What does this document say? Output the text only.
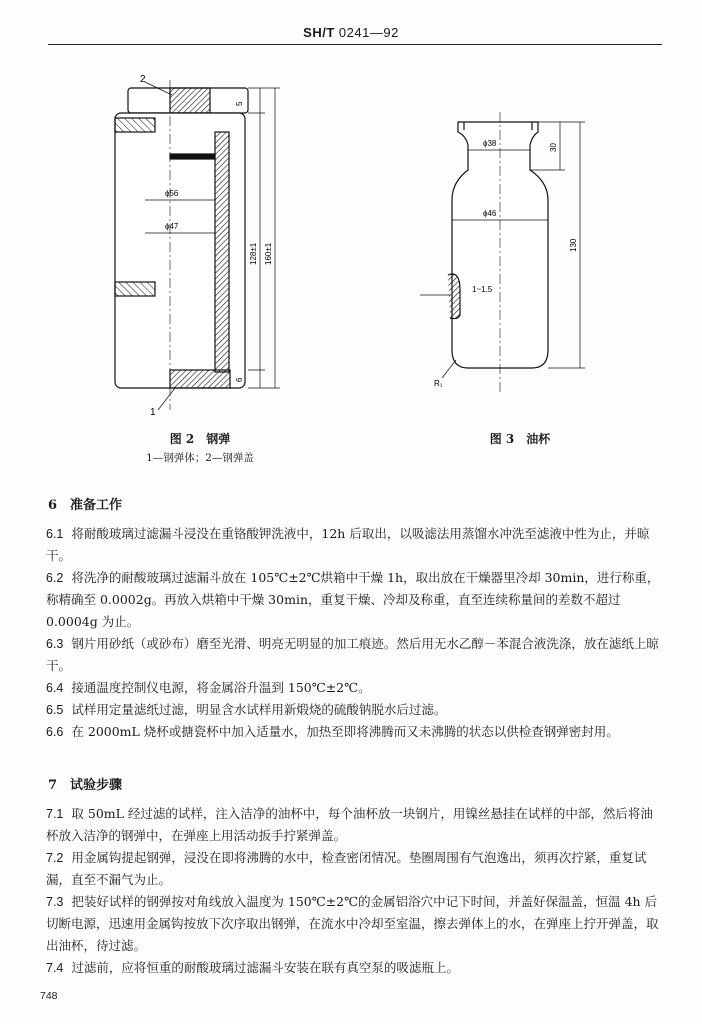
SH/T 0241—92
2
1
5
6
128±1 160±1
ϕ56
ϕ47
图 2　钢弹
1—钢弹体；2—钢弹盖
ϕ38
ϕ46
30
130
1~1.5
R₁
图 3　油杯
6　准备工作
6.1 将耐酸玻璃过滤漏斗浸没在重铬酸钾洗液中，12h 后取出，以吸滤法用蒸馏水冲洗至滤液中性为止，并晾干。
6.2 将洗净的耐酸玻璃过滤漏斗放在 105℃±2℃烘箱中干燥 1h，取出放在干燥器里冷却 30min，进行称重，称精确至 0.0002g。再放入烘箱中干燥 30min，重复干燥、冷却及称重，直至连续称量间的差数不超过 0.0004g 为止。
6.3 钢片用砂纸（或砂布）磨至光滑、明亮无明显的加工痕迹。然后用无水乙醇－苯混合液洗涤，放在滤纸上晾干。
6.4 接通温度控制仪电源，将金属浴升温到 150℃±2℃。
6.5 试样用定量滤纸过滤，明显含水试样用新煅烧的硫酸钠脱水后过滤。
6.6 在 2000mL 烧杯或搪瓷杯中加入适量水，加热至即将沸腾而又未沸腾的状态以供检查钢弹密封用。
7　试验步骤
7.1 取 50mL 经过滤的试样，注入洁净的油杯中，每个油杯放一块钢片，用镍丝悬挂在试样的中部，然后将油杯放入洁净的钢弹中，在弹座上用活动扳手拧紧弹盖。
7.2 用金属钩提起钢弹，浸没在即将沸腾的水中，检查密闭情况。垫圈周围有气泡逸出，须再次拧紧，重复试漏，直至不漏气为止。
7.3 把装好试样的钢弹按对角线放入温度为 150℃±2℃的金属铝浴穴中记下时间，并盖好保温盖，恒温 4h 后切断电源，迅速用金属钩按放下次序取出钢弹，在流水中冷却至室温，擦去弹体上的水，在弹座上拧开弹盖，取出油杯，待过滤。
7.4 过滤前，应将恒重的耐酸玻璃过滤漏斗安装在联有真空泵的吸滤瓶上。
748
